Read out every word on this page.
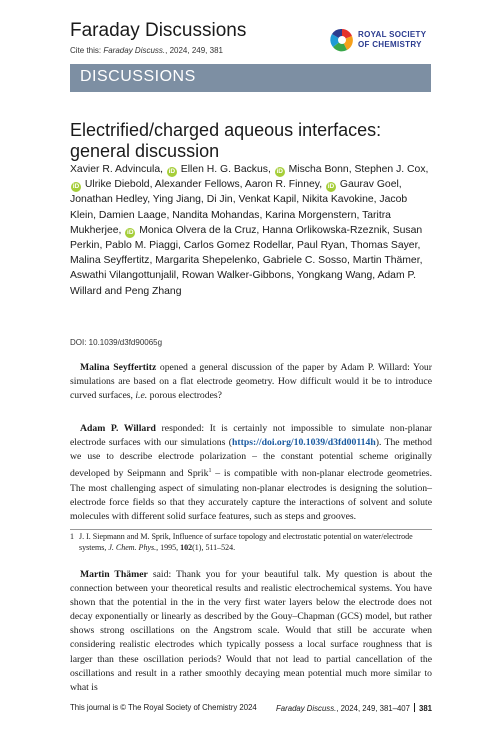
Faraday Discussions
Cite this: Faraday Discuss., 2024, 249, 381
ROYAL SOCIETY
OF CHEMISTRY
DISCUSSIONS
Electrified/charged aqueous interfaces: general discussion
Xavier R. Advincula, iD Ellen H. G. Backus, iD Mischa Bonn, Stephen J. Cox, iD Ulrike Diebold, Alexander Fellows, Aaron R. Finney, iD Gaurav Goel, Jonathan Hedley, Ying Jiang, Di Jin, Venkat Kapil, Nikita Kavokine, Jacob Klein, Damien Laage, Nandita Mohandas, Karina Morgenstern, Taritra Mukherjee, iD Monica Olvera de la Cruz, Hanna Orlikowska-Rzeznik, Susan Perkin, Pablo M. Piaggi, Carlos Gomez Rodellar, Paul Ryan, Thomas Sayer, Malina Seyffertitz, Margarita Shepelenko, Gabriele C. Sosso, Martin Thämer, Aswathi Vilangottunjalil, Rowan Walker-Gibbons, Yongkang Wang, Adam P. Willard and Peng Zhang
DOI: 10.1039/d3fd90065g

Malina Seyffertitz opened a general discussion of the paper by Adam P. Willard: Your simulations are based on a flat electrode geometry. How difficult would it be to introduce curved surfaces, i.e. porous electrodes?

Adam P. Willard responded: It is certainly not impossible to simulate non-planar electrode surfaces with our simulations (https://doi.org/10.1039/d3fd00114h). The method we use to describe electrode polarization – the constant potential scheme originally developed by Seipmann and Sprik$^1$ – is compatible with non-planar electrode geometries. The most challenging aspect of simulating non-planar electrodes is designing the solution–electrode force fields so that they accurately capture the interactions of solvent and solute molecules with different solid surface features, such as steps and grooves.

1 J. I. Siepmann and M. Sprik, Influence of surface topology and electrostatic potential on water/electrode systems, J. Chem. Phys., 1995, 102(1), 511–524.

Martin Thämer said: Thank you for your beautiful talk. My question is about the connection between your theoretical results and realistic electrochemical systems. You have shown that the potential in the in the very first water layers below the electrode does not decay exponentially or linearly as described by the Gouy–Chapman (GCS) model, but rather shows strong oscillations on the Angstrom scale. Would that still be accurate when considering realistic electrodes which typically possess a local surface roughness that is larger than these oscillation periods? Would that not lead to partial cancellation of the oscillations and result in a rather smoothly decaying mean potential much more similar to what is

This journal is © The Royal Society of Chemistry 2024 Faraday Discuss., 2024, 249, 381–407 381
